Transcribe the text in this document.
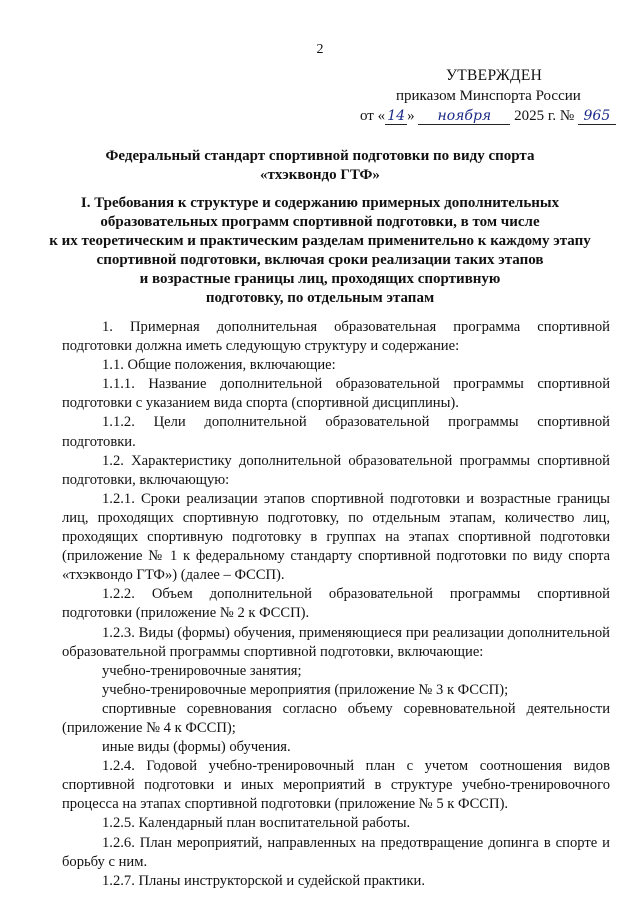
2
УТВЕРЖДЕН
приказом Минспорта России
от « 14 » ноября 2025 г. № 965
Федеральный стандарт спортивной подготовки по виду спорта
«тхэквондо ГТФ»
I. Требования к структуре и содержанию примерных дополнительных
образовательных программ спортивной подготовки, в том числе
к их теоретическим и практическим разделам применительно к каждому этапу
спортивной подготовки, включая сроки реализации таких этапов
и возрастные границы лиц, проходящих спортивную
подготовку, по отдельным этапам

1. Примерная дополнительная образовательная программа спортивной подготовки должна иметь следующую структуру и содержание:

1.1. Общие положения, включающие:

1.1.1. Название дополнительной образовательной программы спортивной подготовки с указанием вида спорта (спортивной дисциплины).

1.1.2. Цели дополнительной образовательной программы спортивной подготовки.

1.2. Характеристику дополнительной образовательной программы спортивной подготовки, включающую:

1.2.1. Сроки реализации этапов спортивной подготовки и возрастные границы лиц, проходящих спортивную подготовку, по отдельным этапам, количество лиц, проходящих спортивную подготовку в группах на этапах спортивной подготовки (приложение № 1 к федеральному стандарту спортивной подготовки по виду спорта «тхэквондо ГТФ») (далее – ФССП).

1.2.2. Объем дополнительной образовательной программы спортивной подготовки (приложение № 2 к ФССП).

1.2.3. Виды (формы) обучения, применяющиеся при реализации дополнительной образовательной программы спортивной подготовки, включающие:

учебно-тренировочные занятия;

учебно-тренировочные мероприятия (приложение № 3 к ФССП);

спортивные соревнования согласно объему соревновательной деятельности (приложение № 4 к ФССП);

иные виды (формы) обучения.

1.2.4. Годовой учебно-тренировочный план с учетом соотношения видов спортивной подготовки и иных мероприятий в структуре учебно-тренировочного процесса на этапах спортивной подготовки (приложение № 5 к ФССП).

1.2.5. Календарный план воспитательной работы.

1.2.6. План мероприятий, направленных на предотвращение допинга в спорте и борьбу с ним.

1.2.7. Планы инструкторской и судейской практики.
